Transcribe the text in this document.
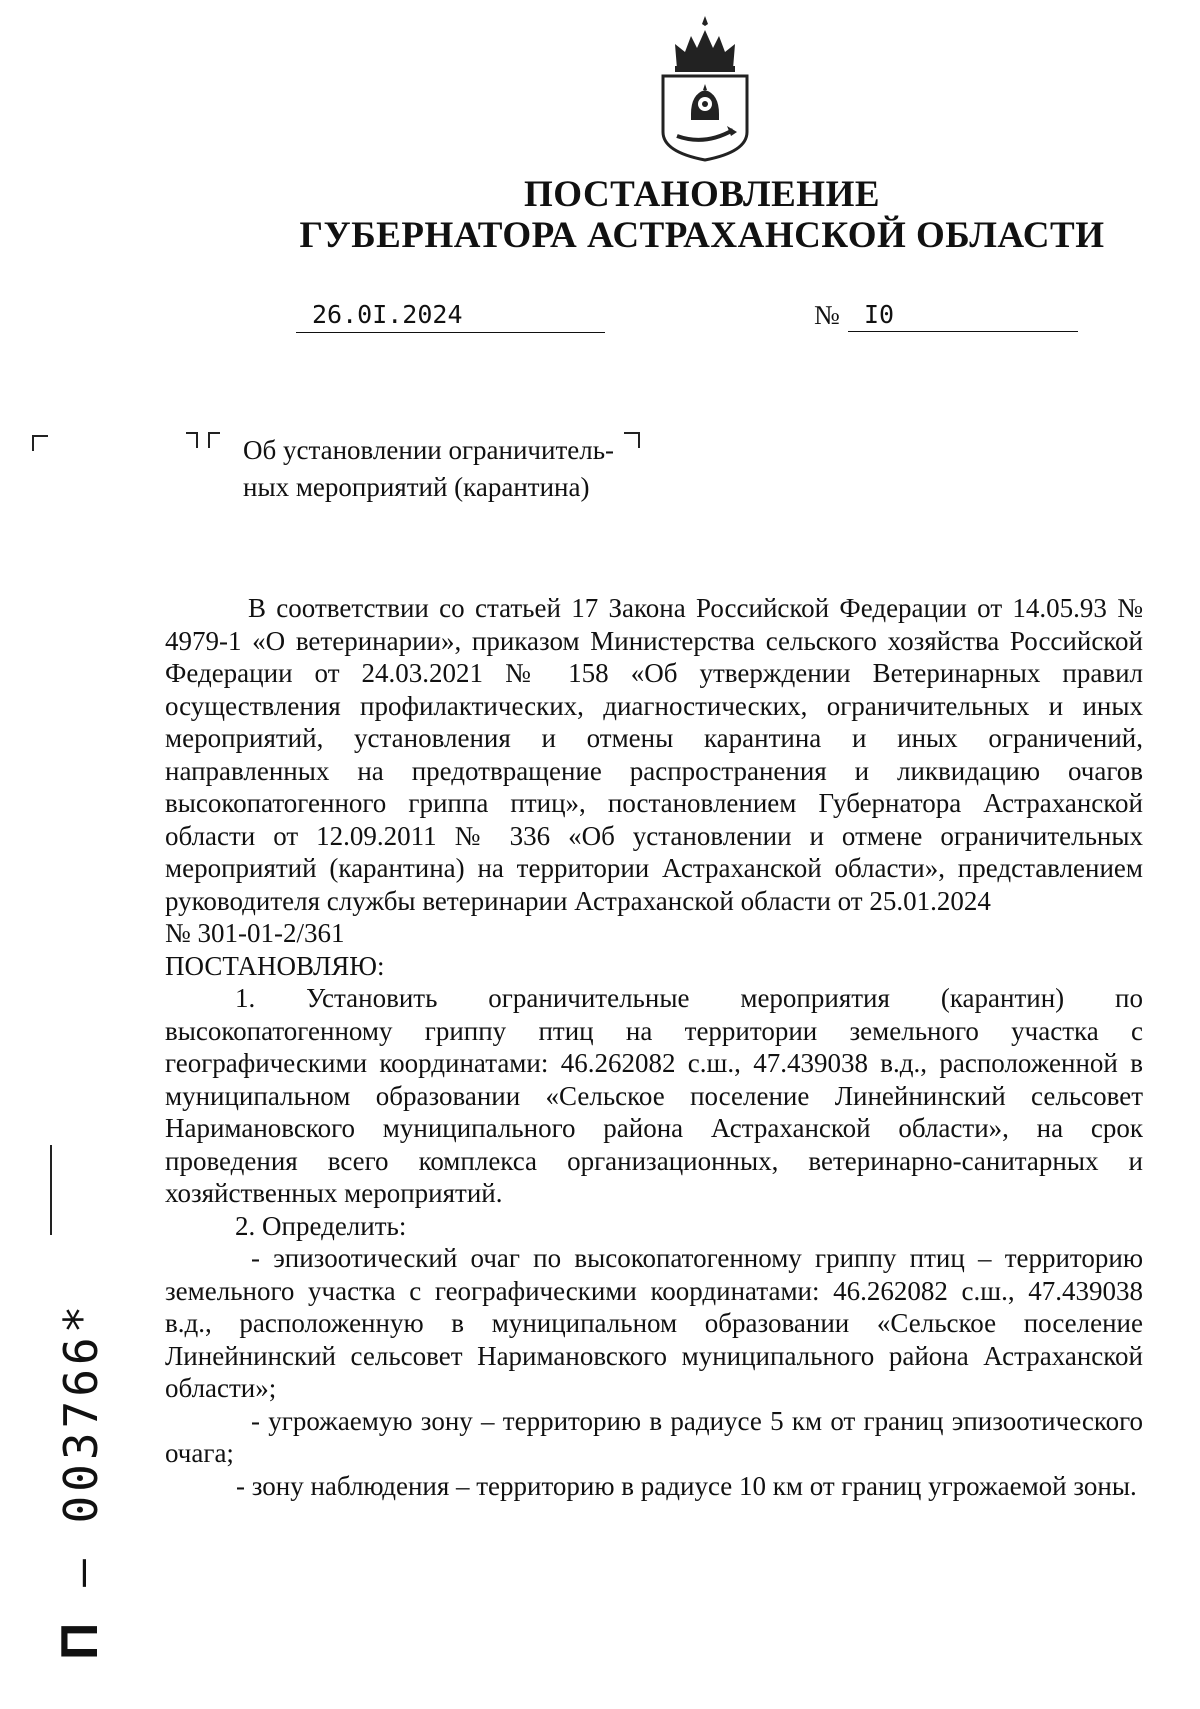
ПОСТАНОВЛЕНИЕ
ГУБЕРНАТОРА АСТРАХАНСКОЙ ОБЛАСТИ
26.0I.2024	№ I0
Об установлении ограничитель-
ных мероприятий (карантина)

В соответствии со статьей 17 Закона Российской Федерации от 14.05.93 № 4979-1 «О ветеринарии», приказом Министерства сельского хозяйства Российской Федерации от 24.03.2021 № 158 «Об утверждении Ветеринарных правил осуществления профилактических, диагностических, ограничительных и иных мероприятий, установления и отмены карантина и иных ограничений, направленных на предотвращение распространения и ликвидацию очагов высокопатогенного гриппа птиц», постановлением Губернатора Астраханской области от 12.09.2011 № 336 «Об установлении и отмене ограничительных мероприятий (карантина) на территории Астраханской области», представлением руководителя службы ветеринарии Астраханской области от 25.01.2024

№ 301-01-2/361

ПОСТАНОВЛЯЮ:

1. Установить ограничительные мероприятия (карантин) по высокопатогенному гриппу птиц на территории земельного участка с географическими координатами: 46.262082 с.ш., 47.439038 в.д., расположенной в муниципальном образовании «Сельское поселение Линейнинский сельсовет Наримановского муниципального района Астраханской области», на срок проведения всего комплекса организационных, ветеринарно-санитарных и хозяйственных мероприятий.

2. Определить:

- эпизоотический очаг по высокопатогенному гриппу птиц – территорию земельного участка с географическими координатами: 46.262082 с.ш., 47.439038 в.д., расположенную в муниципальном образовании «Сельское поселение Линейнинский сельсовет Наримановского муниципального района Астраханской области»;

- угрожаемую зону – территорию в радиусе 5 км от границ эпизоотического очага;

- зону наблюдения – территорию в радиусе 10 км от границ угрожаемой зоны.

П – 003766*
